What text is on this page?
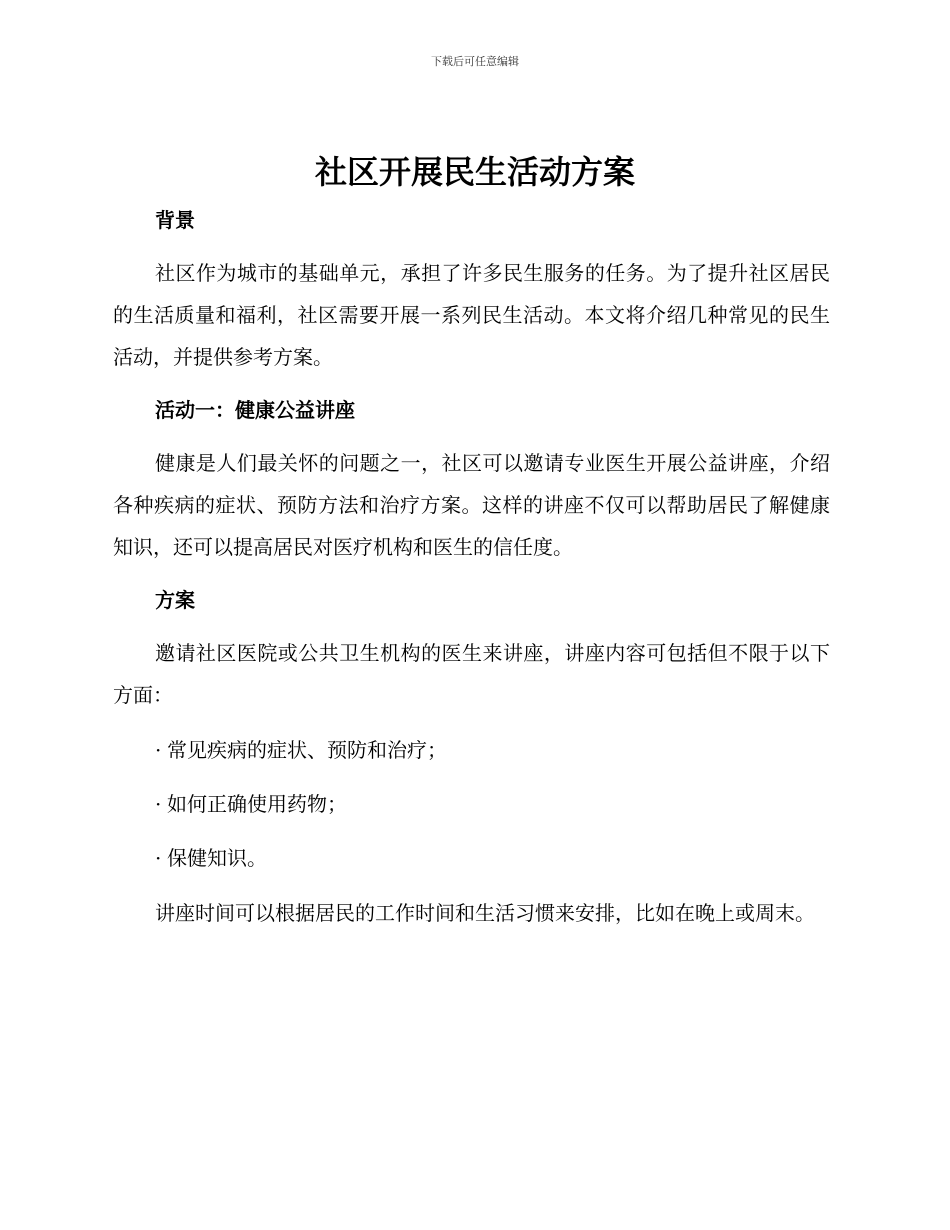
下载后可任意编辑
社区开展民生活动方案
背景

社区作为城市的基础单元，承担了许多民生服务的任务。为了提升社区居民的生活质量和福利，社区需要开展一系列民生活动。本文将介绍几种常见的民生活动，并提供参考方案。

活动一：健康公益讲座

健康是人们最关怀的问题之一，社区可以邀请专业医生开展公益讲座，介绍各种疾病的症状、预防方法和治疗方案。这样的讲座不仅可以帮助居民了解健康知识，还可以提高居民对医疗机构和医生的信任度。

方案

邀请社区医院或公共卫生机构的医生来讲座，讲座内容可包括但不限于以下方面：

· 常见疾病的症状、预防和治疗；

· 如何正确使用药物；

· 保健知识。

讲座时间可以根据居民的工作时间和生活习惯来安排，比如在晚上或周末。
